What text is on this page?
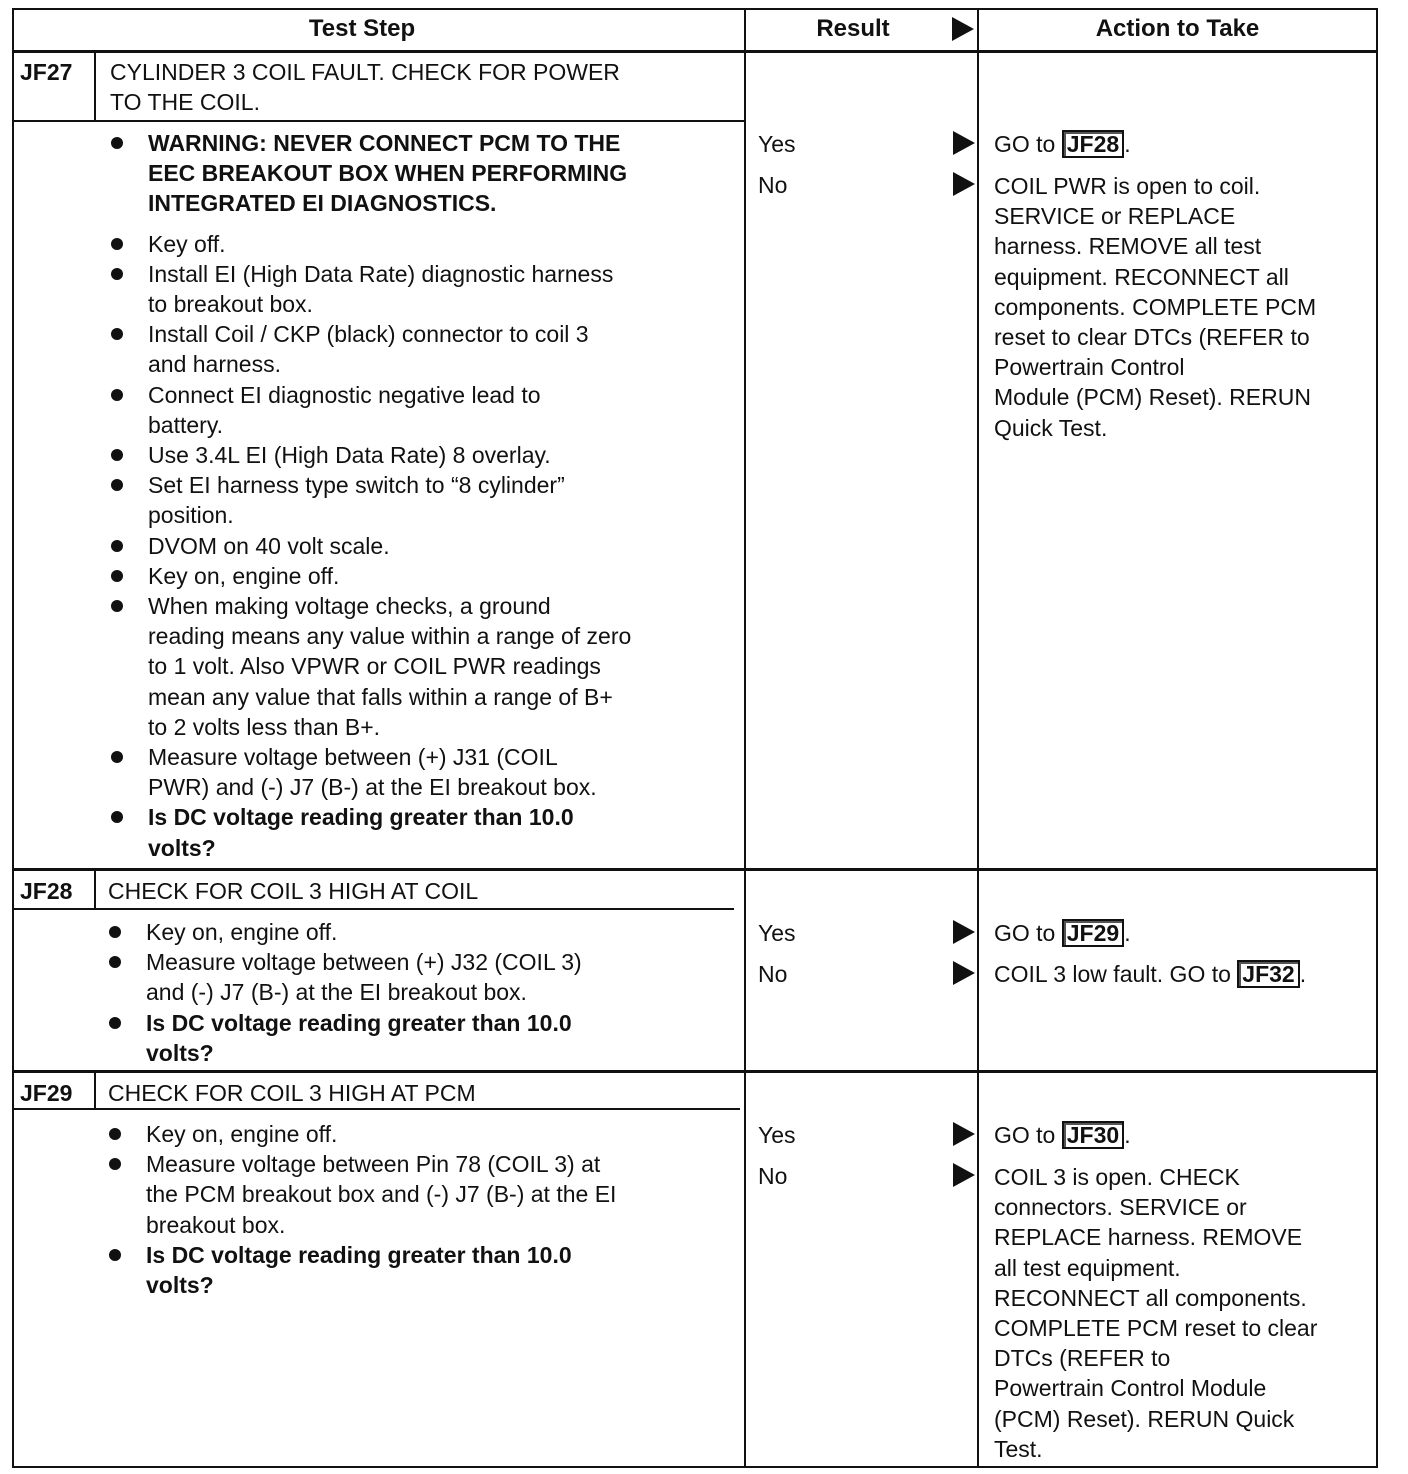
Test Step	Result	Action to Take
JF27 CYLINDER 3 COIL FAULT. CHECK FOR POWER
TO THE COIL.
WARNING: NEVER CONNECT PCM TO THE
EEC BREAKOUT BOX WHEN PERFORMING
INTEGRATED EI DIAGNOSTICS.
Key off.
Install EI (High Data Rate) diagnostic harness
to breakout box.
Install Coil / CKP (black) connector to coil 3
and harness.
Connect EI diagnostic negative lead to
battery.
Use 3.4L EI (High Data Rate) 8 overlay.
Set EI harness type switch to “8 cylinder”
position.
DVOM on 40 volt scale.
Key on, engine off.
When making voltage checks, a ground
reading means any value within a range of zero
to 1 volt. Also VPWR or COIL PWR readings
mean any value that falls within a range of B+
to 2 volts less than B+.
Measure voltage between (+) J31 (COIL
PWR) and (-) J7 (B-) at the EI breakout box.
Is DC voltage reading greater than 10.0
volts?
Yes	GO to JF28 .
No	COIL PWR is open to coil.
SERVICE or REPLACE
harness. REMOVE all test
equipment. RECONNECT all
components. COMPLETE PCM
reset to clear DTCs (REFER to
Powertrain Control
Module (PCM) Reset). RERUN
Quick Test.
JF28 CHECK FOR COIL 3 HIGH AT COIL
Key on, engine off.
Measure voltage between (+) J32 (COIL 3)
and (-) J7 (B-) at the EI breakout box.
Is DC voltage reading greater than 10.0
volts?
Yes	GO to JF29 .
No	COIL 3 low fault. GO to JF32 .
JF29 CHECK FOR COIL 3 HIGH AT PCM
Key on, engine off.
Measure voltage between Pin 78 (COIL 3) at
the PCM breakout box and (-) J7 (B-) at the EI
breakout box.
Is DC voltage reading greater than 10.0
volts?
Yes	GO to JF30 .
No	COIL 3 is open. CHECK
connectors. SERVICE or
REPLACE harness. REMOVE
all test equipment.
RECONNECT all components.
COMPLETE PCM reset to clear
DTCs (REFER to
Powertrain Control Module
(PCM) Reset). RERUN Quick
Test.
